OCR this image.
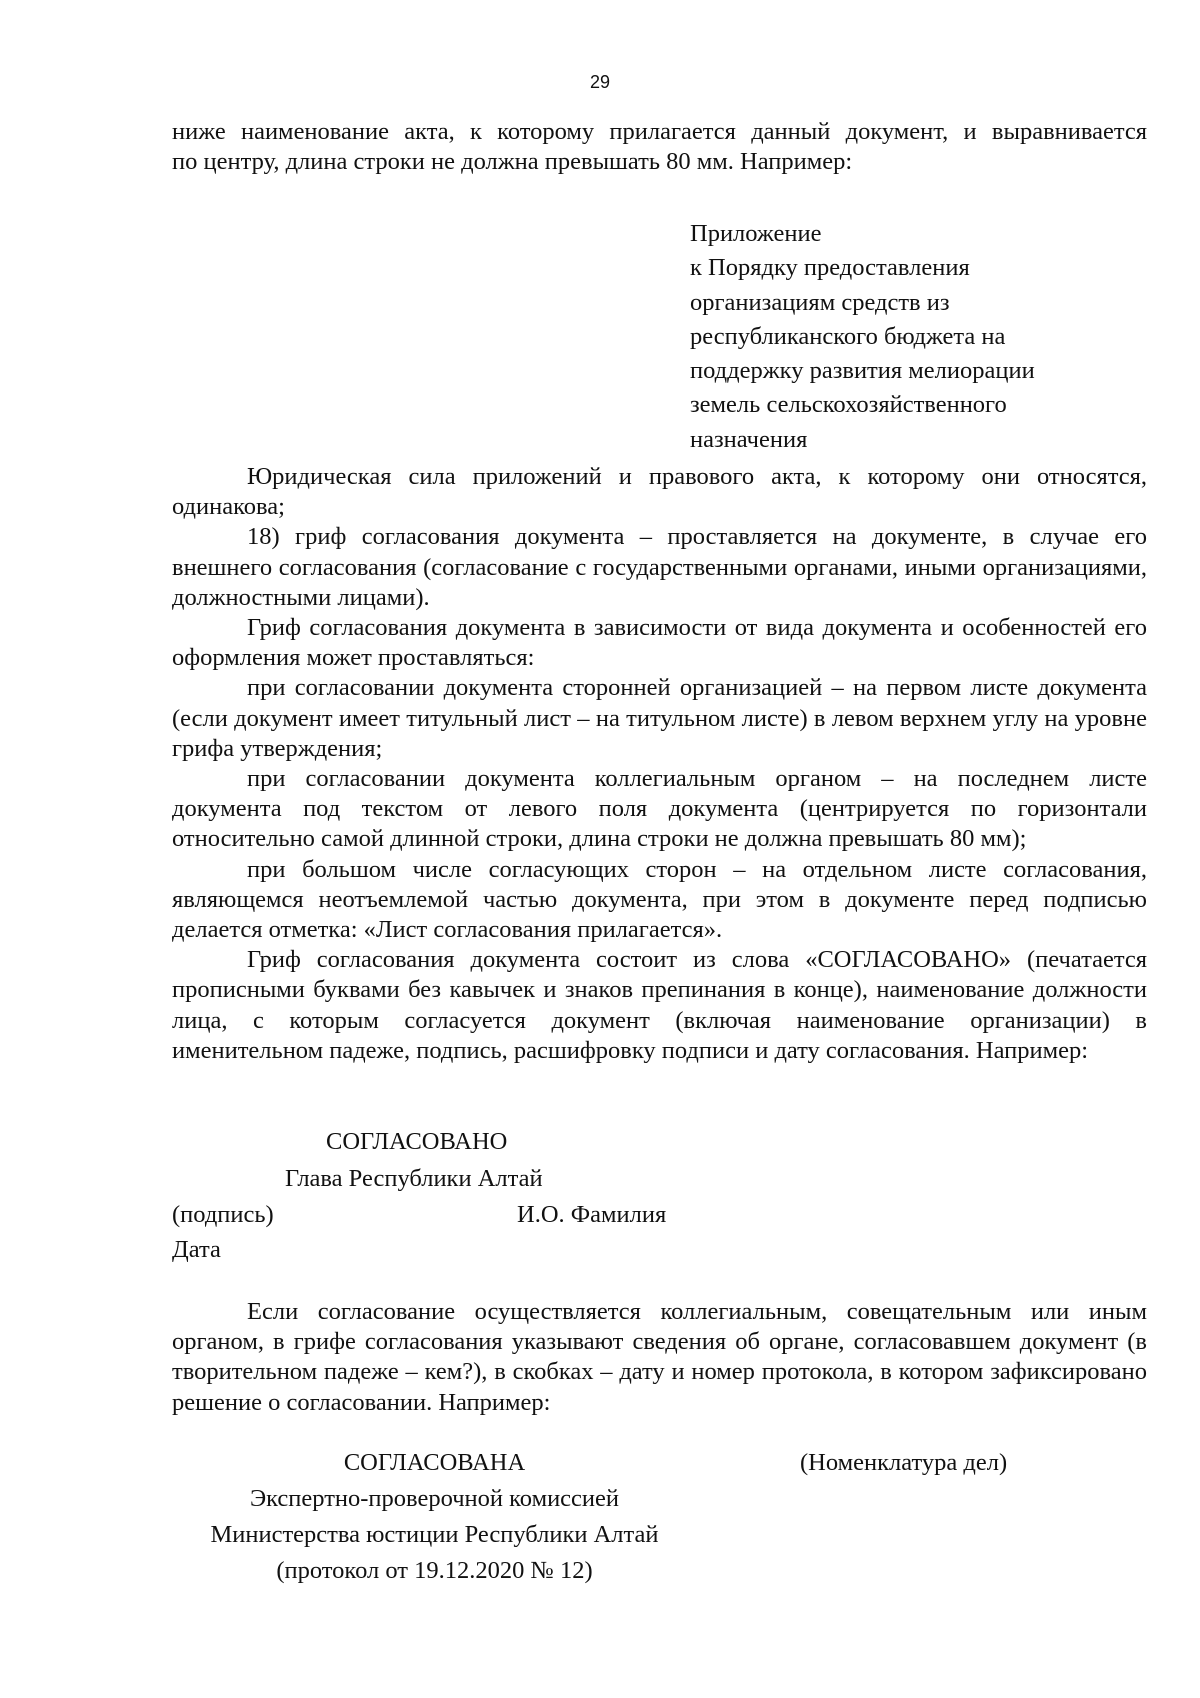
29
ниже наименование акта, к которому прилагается данный документ, и выравнивается
по центру, длина строки не должна превышать 80 мм. Например:
Приложение
к Порядку предоставления
организациям средств из
республиканского бюджета на
поддержку развития мелиорации
земель сельскохозяйственного
назначения

Юридическая сила приложений и правового акта, к которому они относятся, одинакова;

18) гриф согласования документа – проставляется на документе, в случае его внешнего согласования (согласование с государственными органами, иными организациями, должностными лицами).

Гриф согласования документа в зависимости от вида документа и особенностей его оформления может проставляться:

при согласовании документа сторонней организацией – на первом листе документа (если документ имеет титульный лист – на титульном листе) в левом верхнем углу на уровне грифа утверждения;

при согласовании документа коллегиальным органом – на последнем листе документа под текстом от левого поля документа (центрируется по горизонтали относительно самой длинной строки, длина строки не должна превышать 80 мм);

при большом числе согласующих сторон – на отдельном листе согласования, являющемся неотъемлемой частью документа, при этом в документе перед подписью делается отметка: «Лист согласования прилагается».

Гриф согласования документа состоит из слова «СОГЛАСОВАНО» (печатается прописными буквами без кавычек и знаков препинания в конце), наименование должности лица, с которым согласуется документ (включая наименование организации) в именительном падеже, подпись, расшифровку подписи и дату согласования. Например:

СОГЛАСОВАНО
Глава Республики Алтай
(подпись)	И.О. Фамилия
Дата

Если согласование осуществляется коллегиальным, совещательным или иным органом, в грифе согласования указывают сведения об органе, согласовавшем документ (в творительном падеже – кем?), в скобках – дату и номер протокола, в котором зафиксировано решение о согласовании. Например:

СОГЛАСОВАНА
Экспертно-проверочной комиссией
Министерства юстиции Республики Алтай
(протокол от 19.12.2020 № 12)
(Номенклатура дел)
